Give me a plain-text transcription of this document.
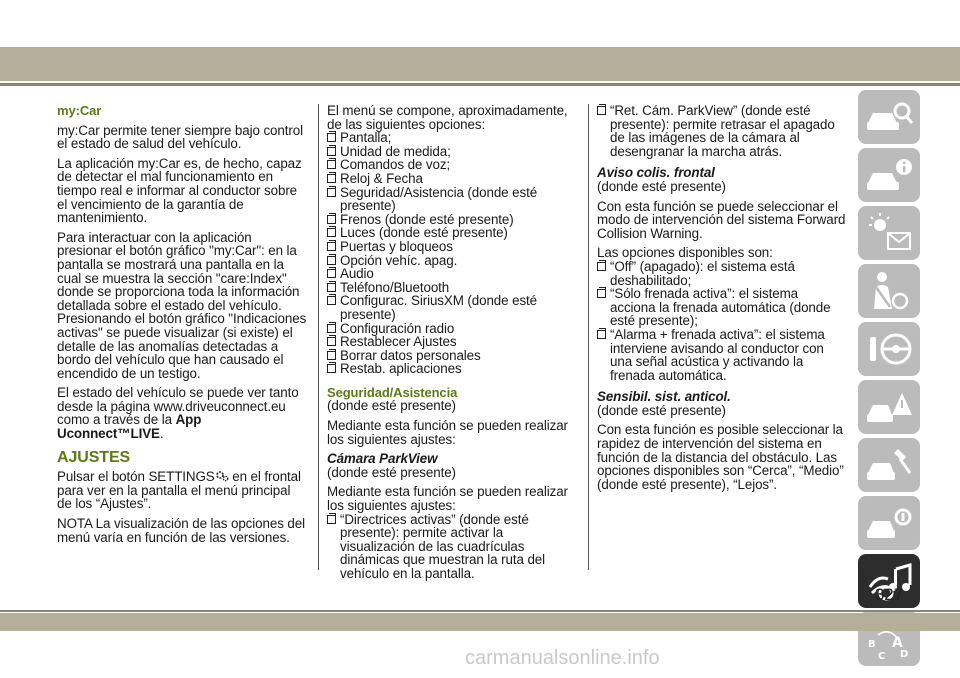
my:Car

my:Car permite tener siempre bajo control el estado de salud del vehículo.

La aplicación my:Car es, de hecho, capaz de detectar el mal funcionamiento en tiempo real e informar al conductor sobre el vencimiento de la garantía de mantenimiento.

Para interactuar con la aplicación presionar el botón gráfico "my:Car": en la pantalla se mostrará una pantalla en la cual se muestra la sección "care:Index" donde se proporciona toda la información detallada sobre el estado del vehículo. Presionando el botón gráfico "Indicaciones activas" se puede visualizar (si existe) el detalle de las anomalías detectadas a bordo del vehículo que han causado el encendido de un testigo.

El estado del vehículo se puede ver tanto desde la página www.driveuconnect.eu como a través de la App Uconnect™LIVE.

AJUSTES

Pulsar el botón SETTINGS en el frontal para ver en la pantalla el menú principal de los “Ajustes”.

NOTA La visualización de las opciones del menú varía en función de las versiones.

El menú se compone, aproximadamente, de las siguientes opciones:

Pantalla;
Unidad de medida;
Comandos de voz;
Reloj & Fecha
Seguridad/Asistencia (donde esté presente)
Frenos (donde esté presente)
Luces (donde esté presente)
Puertas y bloqueos
Opción vehíc. apag.
Audio
Teléfono/Bluetooth
Configurac. SiriusXM (donde esté presente)
Configuración radio
Restablecer Ajustes
Borrar datos personales
Restab. aplicaciones
Seguridad/Asistencia

(donde esté presente)

Mediante esta función se pueden realizar los siguientes ajustes:

Cámara ParkView

(donde esté presente)

Mediante esta función se pueden realizar los siguientes ajustes:

“Directrices activas” (donde esté presente): permite activar la visualización de las cuadrículas dinámicas que muestran la ruta del vehículo en la pantalla.
“Ret. Cám. ParkView” (donde esté presente): permite retrasar el apagado de las imágenes de la cámara al desengranar la marcha atrás.
Aviso colis. frontal

(donde esté presente)

Con esta función se puede seleccionar el modo de intervención del sistema Forward Collision Warning.

Las opciones disponibles son:

“Off” (apagado): el sistema está deshabilitado;
“Sólo frenada activa”: el sistema acciona la frenada automática (donde esté presente);
“Alarma + frenada activa”: el sistema interviene avisando al conductor con una señal acústica y activando la frenada automática.
Sensibil. sist. anticol.

(donde esté presente)

Con esta función es posible seleccionar la rapidez de intervención del sistema en función de la distancia del obstáculo. Las opciones disponibles son “Cerca”, “Medio” (donde esté presente), “Lejos”.

B A
C D
327
carmanualsonline.info
